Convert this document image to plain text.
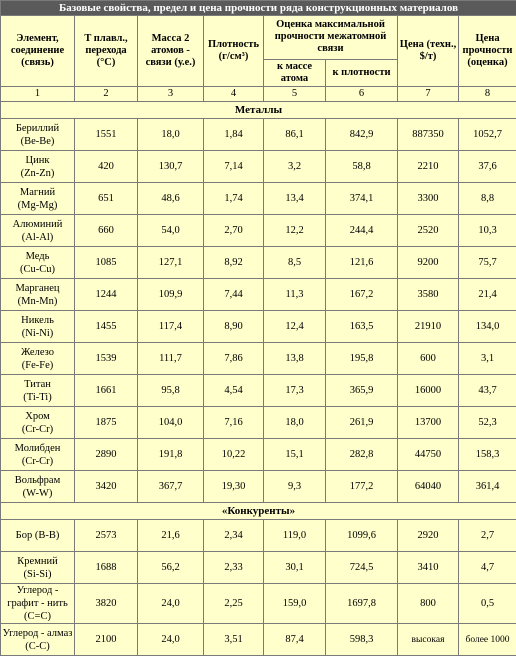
Базовые свойства, предел и цена прочности ряда конструкционных материалов							
Элемент, соединение (связь)	T плавл., перехода (°С)	Масса 2 атомов - связи (у.е.)	Плотность (г/см³)	Оценка максимальной прочности межатомной связи		Цена (техн., $/т)	Цена прочности (оценка)
				к массе атома	к плотности		
1	2	3	4	5	6	7	8
Металлы							
Бериллий
(Be-Be)	1551	18,0	1,84	86,1	842,9	887350	1052,7
Цинк
(Zn-Zn)	420	130,7	7,14	3,2	58,8	2210	37,6
Магний
(Mg-Mg)	651	48,6	1,74	13,4	374,1	3300	8,8
Алюминий
(Al-Al)	660	54,0	2,70	12,2	244,4	2520	10,3
Медь
(Cu-Cu)	1085	127,1	8,92	8,5	121,6	9200	75,7
Марганец
(Mn-Mn)	1244	109,9	7,44	11,3	167,2	3580	21,4
Никель
(Ni-Ni)	1455	117,4	8,90	12,4	163,5	21910	134,0
Железо
(Fe-Fe)	1539	111,7	7,86	13,8	195,8	600	3,1
Титан
(Ti-Ti)	1661	95,8	4,54	17,3	365,9	16000	43,7
Хром
(Cr-Cr)	1875	104,0	7,16	18,0	261,9	13700	52,3
Молибден
(Cr-Cr)	2890	191,8	10,22	15,1	282,8	44750	158,3
Вольфрам
(W-W)	3420	367,7	19,30	9,3	177,2	64040	361,4
«Конкуренты»							
Бор (B-B)	2573	21,6	2,34	119,0	1099,6	2920	2,7
Кремний
(Si-Si)	1688	56,2	2,33	30,1	724,5	3410	4,7
Углерод - графит - нить
(C=C)	3820	24,0	2,25	159,0	1697,8	800	0,5
Углерод - алмаз
(C-C)	2100	24,0	3,51	87,4	598,3	высокая	более 1000
